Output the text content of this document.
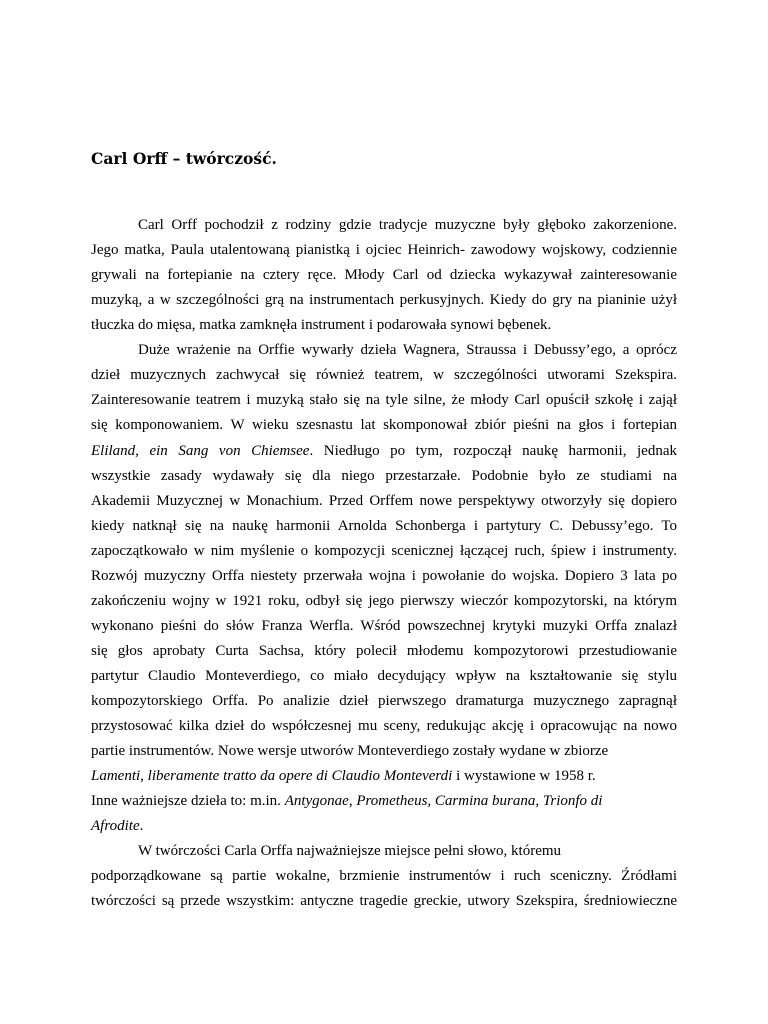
Carl Orff – twórczość.
Carl Orff pochodził z rodziny gdzie tradycje muzyczne były głęboko zakorzenione.
Jego matka, Paula utalentowaną pianistką i ojciec Heinrich- zawodowy wojskowy, codziennie
grywali na fortepianie na cztery ręce. Młody Carl od dziecka wykazywał zainteresowanie
muzyką, a w szczególności grą na instrumentach perkusyjnych. Kiedy do gry na pianinie użył
tłuczka do mięsa, matka zamknęła instrument i podarowała synowi bębenek.
Duże wrażenie na Orffie wywarły dzieła Wagnera, Straussa i Debussy’ego, a oprócz
dzieł muzycznych zachwycał się również teatrem, w szczególności utworami Szekspira.
Zainteresowanie teatrem i muzyką stało się na tyle silne, że młody Carl opuścił szkołę i zajął
się komponowaniem. W wieku szesnastu lat skomponował zbiór pieśni na głos i fortepian
Eliland, ein Sang von Chiemsee. Niedługo po tym, rozpoczął naukę harmonii, jednak
wszystkie zasady wydawały się dla niego przestarzałe. Podobnie było ze studiami na
Akademii Muzycznej w Monachium. Przed Orffem nowe perspektywy otworzyły się dopiero
kiedy natknął się na naukę harmonii Arnolda Schonberga i partytury C. Debussy’ego. To
zapoczątkowało w nim myślenie o kompozycji scenicznej łączącej ruch, śpiew i instrumenty.
Rozwój muzyczny Orffa niestety przerwała wojna i powołanie do wojska. Dopiero 3 lata po
zakończeniu wojny w 1921 roku, odbył się jego pierwszy wieczór kompozytorski, na którym
wykonano pieśni do słów Franza Werfla. Wśród powszechnej krytyki muzyki Orffa znalazł
się głos aprobaty Curta Sachsa, który polecił młodemu kompozytorowi przestudiowanie
partytur Claudio Monteverdiego, co miało decydujący wpływ na kształtowanie się stylu
kompozytorskiego Orffa. Po analizie dzieł pierwszego dramaturga muzycznego zapragnął
przystosować kilka dzieł do współczesnej mu sceny, redukując akcję i opracowując na nowo
partie instrumentów. Nowe wersje utworów Monteverdiego zostały wydane w zbiorze
Lamenti, liberamente tratto da opere di Claudio Monteverdi i wystawione w 1958 r.
Inne ważniejsze dzieła to: m.in. Antygonae, Prometheus, Carmina burana, Trionfo di
Afrodite.
W twórczości Carla Orffa najważniejsze miejsce pełni słowo, któremu
podporządkowane są partie wokalne, brzmienie instrumentów i ruch sceniczny. Źródłami
twórczości są przede wszystkim: antyczne tragedie greckie, utwory Szekspira, średniowieczne
